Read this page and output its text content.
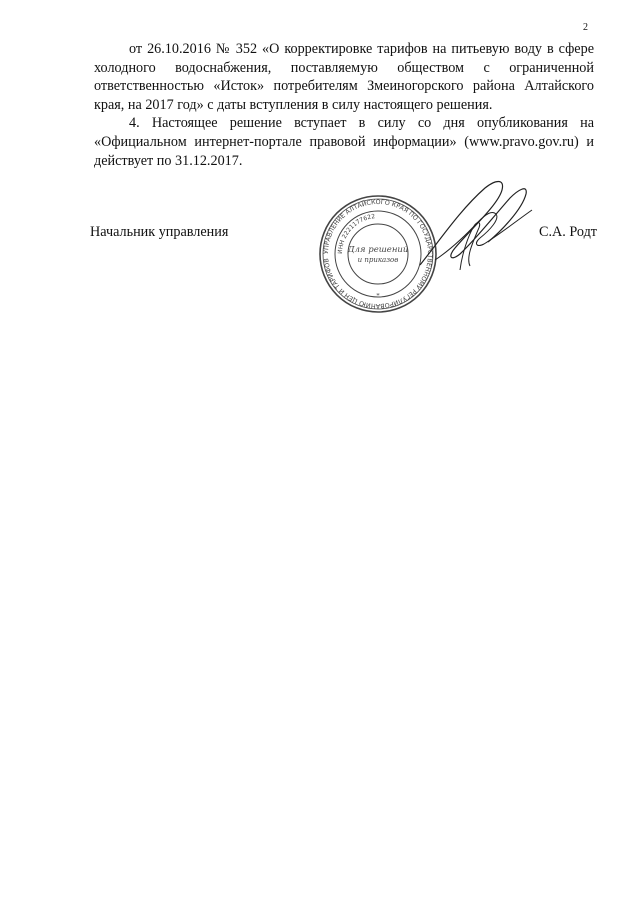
2

от 26.10.2016 № 352 «О корректировке тарифов на питьевую воду в сфере холодного водоснабжения, поставляемую обществом с ограниченной ответственностью «Исток» потребителям Змеиногорского района Алтайского края, на 2017 год» с даты вступления в силу настоящего решения.

4. Настоящее решение вступает в силу со дня опубликования на «Официальном интернет-портале правовой информации» (www.pravo.gov.ru) и действует по 31.12.2017.

Начальник управления	С.А. Родт
УПРАВЛЕНИЕ АЛТАЙСКОГО КРАЯ ПО ГОСУДАРСТВЕННОМУ РЕГУЛИРОВАНИЮ ЦЕН И ТАРИФОВ
ИНН 2221177622
Для решений
и приказов
*
